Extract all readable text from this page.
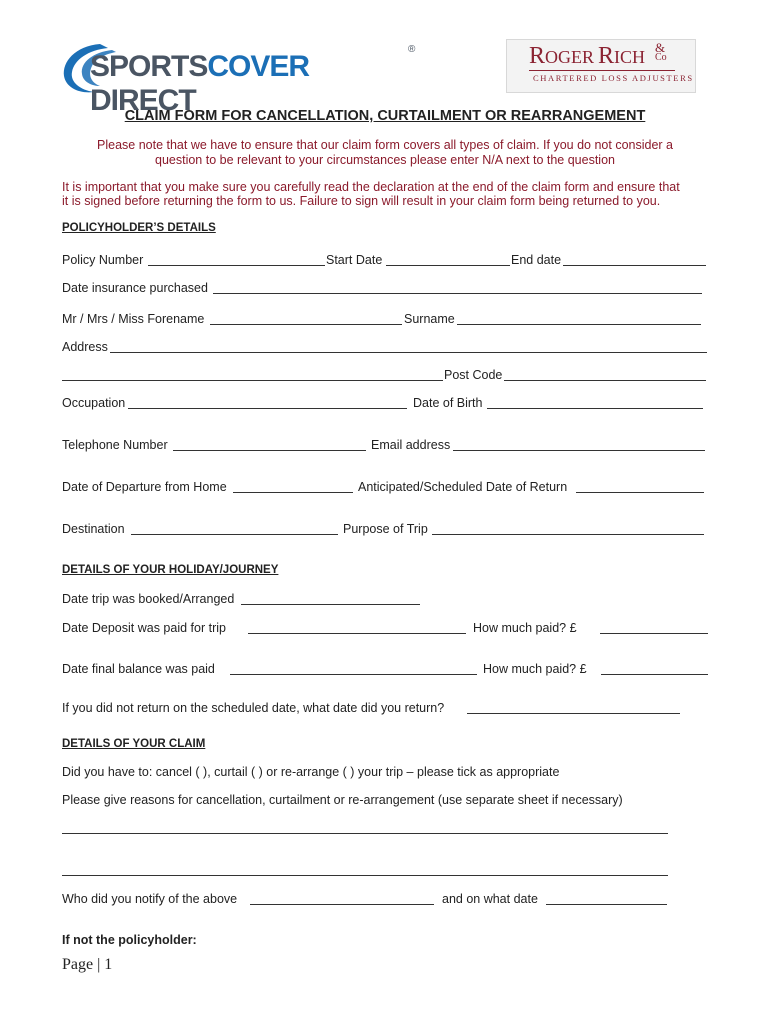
SPORTSCOVER DIRECT
®	ROGER RICH &
Co
CHARTERED LOSS ADJUSTERS
CLAIM FORM FOR CANCELLATION, CURTAILMENT OR REARRANGEMENT
Please note that we have to ensure that our claim form covers all types of claim. If you do not consider a
question to be relevant to your circumstances please enter N/A next to the question
It is important that you make sure you carefully read the declaration at the end of the claim form and ensure that
it is signed before returning the form to us. Failure to sign will result in your claim form being returned to you.
POLICYHOLDER’S DETAILS
Policy Number	Start Date	End date
Date insurance purchased
Mr / Mrs / Miss Forename	Surname
Address
Post Code
Occupation	Date of Birth
Telephone Number	Email address
Date of Departure from Home	Anticipated/Scheduled Date of Return
Destination	Purpose of Trip
DETAILS OF YOUR HOLIDAY/JOURNEY
Date trip was booked/Arranged
Date Deposit was paid for trip	How much paid? £
Date final balance was paid	How much paid? £
If you did not return on the scheduled date, what date did you return?
DETAILS OF YOUR CLAIM
Did you have to: cancel ( ), curtail ( ) or re-arrange ( ) your trip – please tick as appropriate
Please give reasons for cancellation, curtailment or re-arrangement (use separate sheet if necessary)
Who did you notify of the above	and on what date
If not the policyholder:
Page | 1
